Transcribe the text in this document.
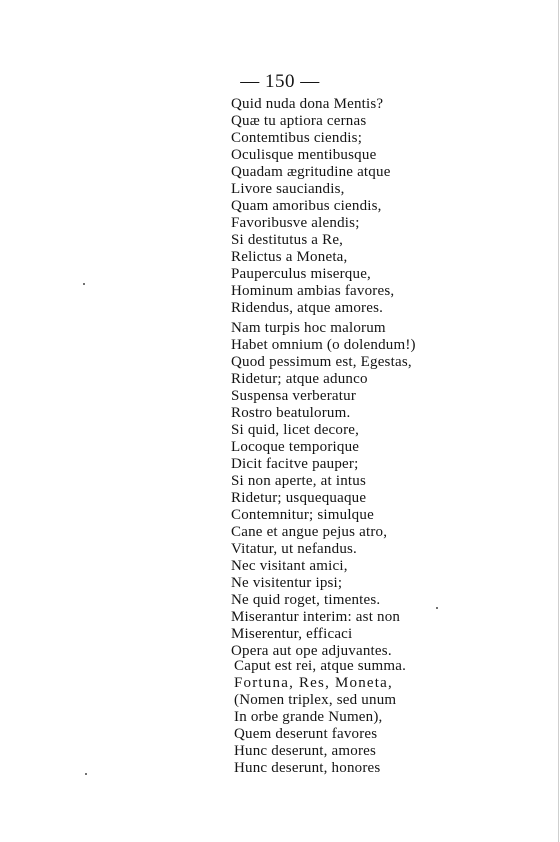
— 150 —
Quid nuda dona Mentis?
Quæ tu aptiora cernas
Contemtibus ciendis;
Oculisque mentibusque
Quadam ægritudine atque
Livore sauciandis,
Quam amoribus ciendis,
Favoribusve alendis;
Si destitutus a Re,
Relictus a Moneta,
Pauperculus miserque,
Hominum ambias favores,
Ridendus, atque amores.
Nam turpis hoc malorum
Habet omnium (o dolendum!)
Quod pessimum est, Egestas,
Ridetur; atque adunco
Suspensa verberatur
Rostro beatulorum.
Si quid, licet decore,
Locoque temporique
Dicit facitve pauper;
Si non aperte, at intus
Ridetur; usquequaque
Contemnitur; simulque
Cane et angue pejus atro,
Vitatur, ut nefandus.
Nec visitant amici,
Ne visitentur ipsi;
Ne quid roget, timentes.
Miserantur interim: ast non
Miserentur, efficaci
Opera aut ope adjuvantes.
Caput est rei, atque summa.
Fortuna, Res, Moneta,
(Nomen triplex, sed unum
In orbe grande Numen),
Quem deserunt favores
Hunc deserunt, amores
Hunc deserunt, honores
